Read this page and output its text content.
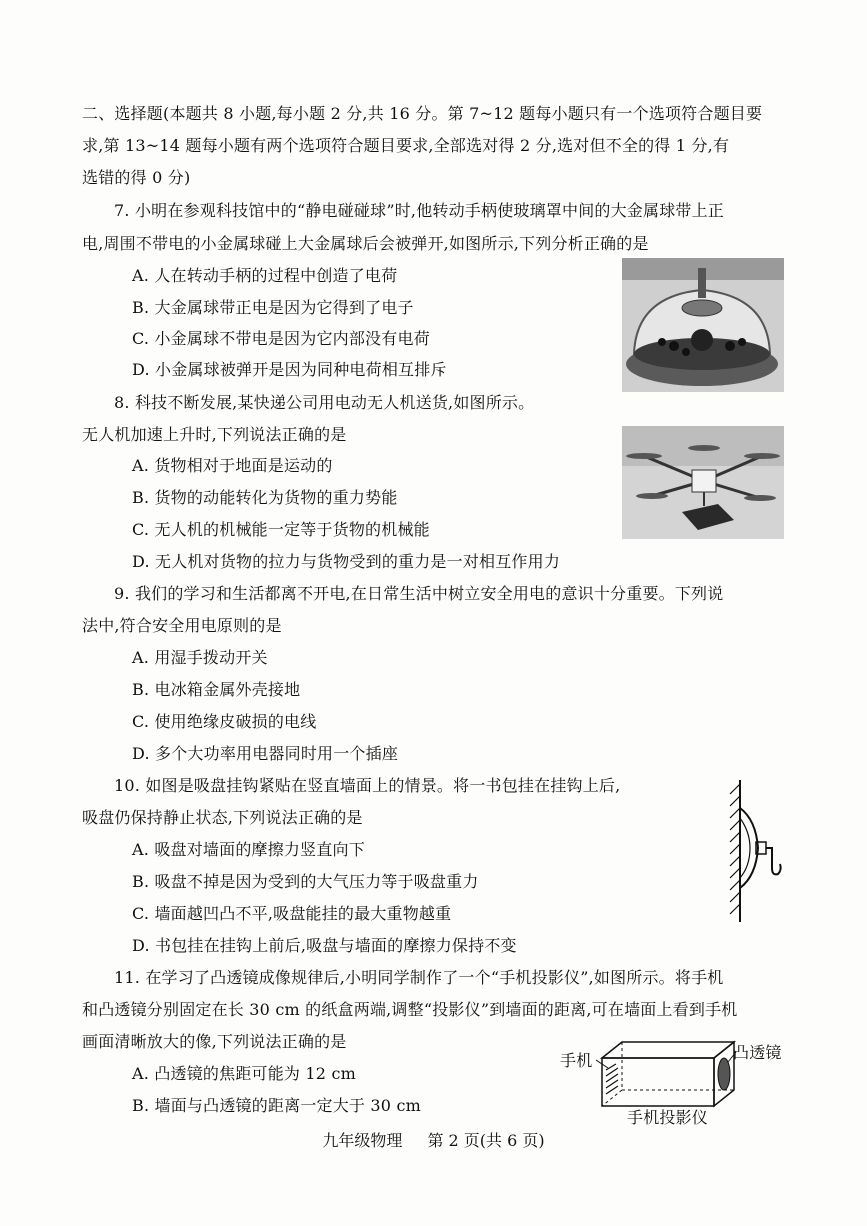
二、选择题(本题共 8 小题,每小题 2 分,共 16 分。第 7~12 题每小题只有一个选项符合题目要
求,第 13~14 题每小题有两个选项符合题目要求,全部选对得 2 分,选对但不全的得 1 分,有
选错的得 0 分)
7. 小明在参观科技馆中的“静电碰碰球”时,他转动手柄使玻璃罩中间的大金属球带上正
电,周围不带电的小金属球碰上大金属球后会被弹开,如图所示,下列分析正确的是
A. 人在转动手柄的过程中创造了电荷
B. 大金属球带正电是因为它得到了电子
C. 小金属球不带电是因为它内部没有电荷
D. 小金属球被弹开是因为同种电荷相互排斥
8. 科技不断发展,某快递公司用电动无人机送货,如图所示。
无人机加速上升时,下列说法正确的是
A. 货物相对于地面是运动的
B. 货物的动能转化为货物的重力势能
C. 无人机的机械能一定等于货物的机械能
D. 无人机对货物的拉力与货物受到的重力是一对相互作用力
9. 我们的学习和生活都离不开电,在日常生活中树立安全用电的意识十分重要。下列说
法中,符合安全用电原则的是
A. 用湿手拨动开关
B. 电冰箱金属外壳接地
C. 使用绝缘皮破损的电线
D. 多个大功率用电器同时用一个插座
10. 如图是吸盘挂钩紧贴在竖直墙面上的情景。将一书包挂在挂钩上后,
吸盘仍保持静止状态,下列说法正确的是
A. 吸盘对墙面的摩擦力竖直向下
B. 吸盘不掉是因为受到的大气压力等于吸盘重力
C. 墙面越凹凸不平,吸盘能挂的最大重物越重
D. 书包挂在挂钩上前后,吸盘与墙面的摩擦力保持不变
11. 在学习了凸透镜成像规律后,小明同学制作了一个“手机投影仪”,如图所示。将手机
和凸透镜分别固定在长 30 cm 的纸盒两端,调整“投影仪”到墙面的距离,可在墙面上看到手机
画面清晰放大的像,下列说法正确的是
A. 凸透镜的焦距可能为 12 cm
B. 墙面与凸透镜的距离一定大于 30 cm
手机	凸透镜
手机投影仪
九年级物理 第 2 页(共 6 页)
